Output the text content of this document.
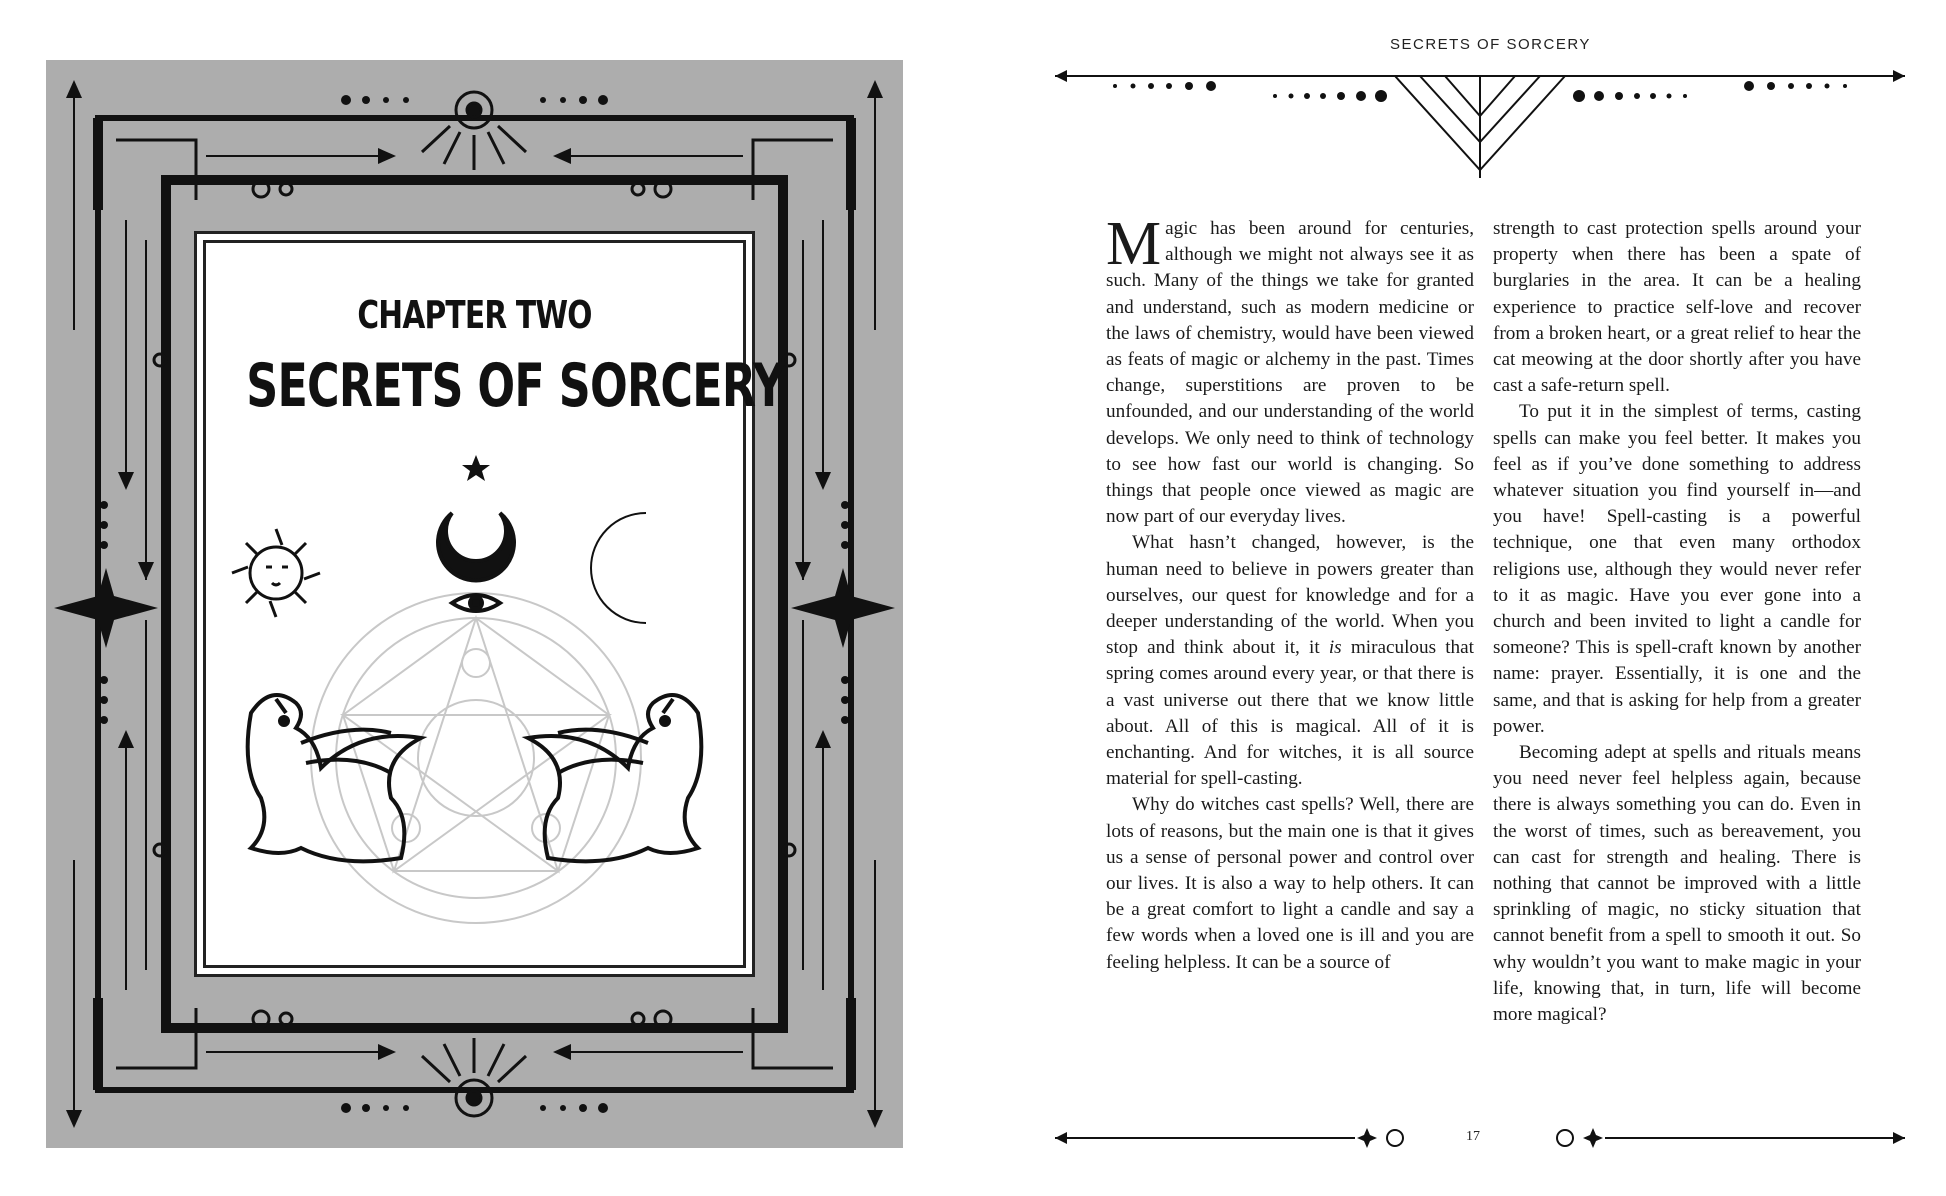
CHAPTER TWO
SECRETS OF SORCERY
SECRETS OF SORCERY

Magic has been around for centuries, although we might not always see it as such. Many of the things we take for granted and understand, such as modern medicine or the laws of chemistry, would have been viewed as feats of magic or alchemy in the past. Times change, superstitions are proven to be unfounded, and our understanding of the world develops. We only need to think of technology to see how fast our world is changing. So things that people once viewed as magic are now part of our everyday lives.

What hasn’t changed, however, is the human need to believe in powers greater than ourselves, our quest for knowledge and for a deeper understanding of the world. When you stop and think about it, it is miraculous that spring comes around every year, or that there is a vast universe out there that we know little about. All of this is magical. All of it is enchanting. And for witches, it is all source material for spell-casting.

Why do witches cast spells? Well, there are lots of reasons, but the main one is that it gives us a sense of personal power and control over our lives. It is also a way to help others. It can be a great comfort to light a candle and say a few words when a loved one is ill and you are feeling helpless. It can be a source of

strength to cast protection spells around your property when there has been a spate of burglaries in the area. It can be a healing experience to practice self-love and recover from a broken heart, or a great relief to hear the cat meowing at the door shortly after you have cast a safe-return spell.

To put it in the simplest of terms, casting spells can make you feel better. It makes you feel as if you’ve done something to address whatever situation you find yourself in—and you have! Spell-casting is a powerful technique, one that even many orthodox religions use, although they would never refer to it as magic. Have you ever gone into a church and been invited to light a candle for someone? This is spell-craft known by another name: prayer. Essentially, it is one and the same, and that is asking for help from a greater power.

Becoming adept at spells and rituals means you need never feel helpless again, because there is always something you can do. Even in the worst of times, such as bereavement, you can cast for strength and healing. There is nothing that cannot be improved with a little sprinkling of magic, no sticky situation that cannot benefit from a spell to smooth it out. So why wouldn’t you want to make magic in your life, knowing that, in turn, life will become more magical?

17
